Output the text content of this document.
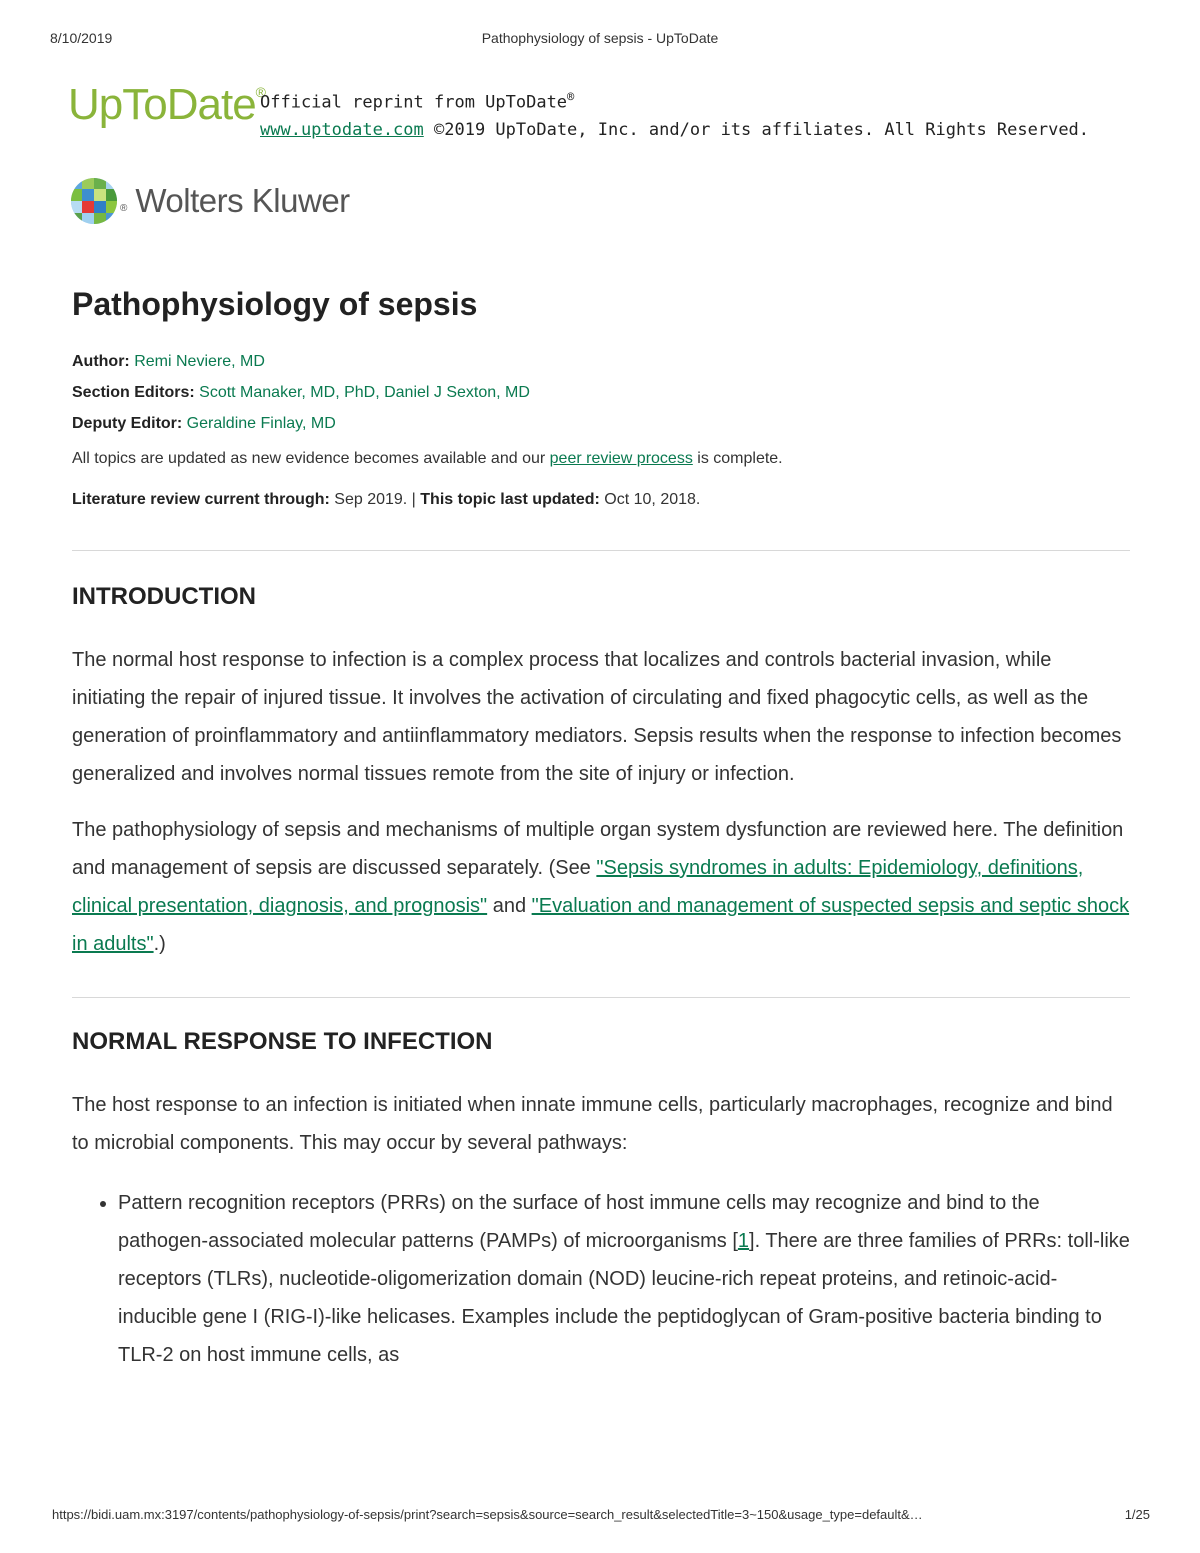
8/10/2019	Pathophysiology of sepsis - UpToDate
UpToDate®
Official reprint from UpToDate®
www.uptodate.com ©2019 UpToDate, Inc. and/or its affiliates. All Rights Reserved.
® Wolters Kluwer
Pathophysiology of sepsis
Author: Remi Neviere, MD
Section Editors: Scott Manaker, MD, PhD, Daniel J Sexton, MD
Deputy Editor: Geraldine Finlay, MD
All topics are updated as new evidence becomes available and our peer review process is complete.
Literature review current through: Sep 2019. | This topic last updated: Oct 10, 2018.
INTRODUCTION

The normal host response to infection is a complex process that localizes and controls bacterial invasion, while initiating the repair of injured tissue. It involves the activation of circulating and fixed phagocytic cells, as well as the generation of proinflammatory and antiinflammatory mediators. Sepsis results when the response to infection becomes generalized and involves normal tissues remote from the site of injury or infection.

The pathophysiology of sepsis and mechanisms of multiple organ system dysfunction are reviewed here. The definition and management of sepsis are discussed separately. (See "Sepsis syndromes in adults: Epidemiology, definitions, clinical presentation, diagnosis, and prognosis" and "Evaluation and management of suspected sepsis and septic shock in adults".)

NORMAL RESPONSE TO INFECTION

The host response to an infection is initiated when innate immune cells, particularly macrophages, recognize and bind to microbial components. This may occur by several pathways:

• Pattern recognition receptors (PRRs) on the surface of host immune cells may recognize and bind to the pathogen-associated molecular patterns (PAMPs) of microorganisms [1]. There are three families of PRRs: toll-like receptors (TLRs), nucleotide-oligomerization domain (NOD) leucine-rich repeat proteins, and retinoic-acid-inducible gene I (RIG-I)-like helicases. Examples include the peptidoglycan of Gram-positive bacteria binding to TLR-2 on host immune cells, as
https://bidi.uam.mx:3197/contents/pathophysiology-of-sepsis/print?search=sepsis&source=search_result&selectedTitle=3~150&usage_type=default&…	1/25
